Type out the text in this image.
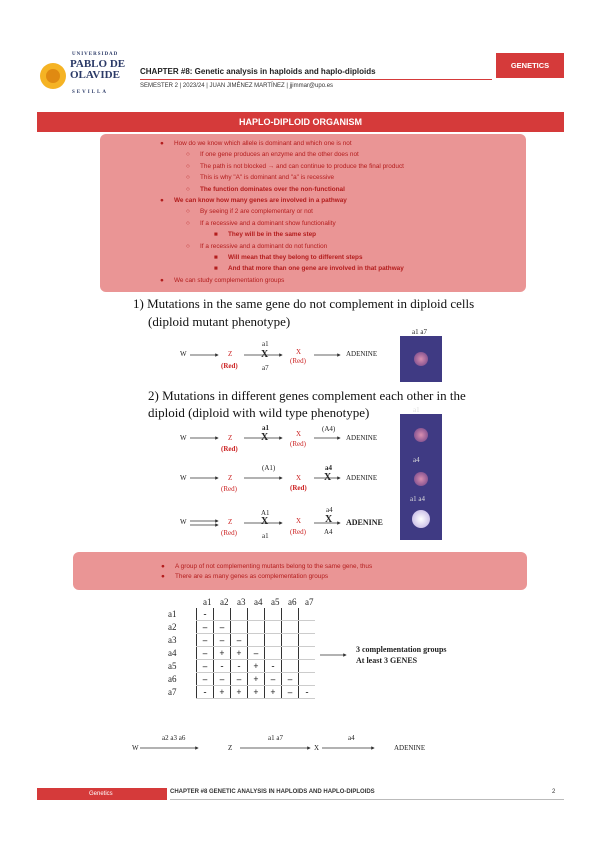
UNIVERSIDAD
PABLO DE OLAVIDE
SEVILLA
CHAPTER #8: Genetic analysis in haploids and haplo-diploids
SEMESTER 2 | 2023/24 | JUAN JIMÉNEZ MARTÍNEZ | jjimmar@upo.es
GENETICS
HAPLO-DIPLOID ORGANISM
● How do we know which allele is dominant and which one is not
○ If one gene produces an enzyme and the other does not
○ The path is not blocked → and can continue to produce the final product
○ This is why "A" is dominant and "a" is recessive
○ The function dominates over the non-functional
● We can know how many genes are involved in a pathway
○ By seeing if 2 are complementary or not
○ If a recessive and a dominant show functionality
■ They will be in the same step
○ If a recessive and a dominant do not function
■ Will mean that they belong to different steps
■ And that more than one gene are involved in that pathway
● We can study complementation groups
1) Mutations in the same gene do not complement in diploid cells
(diploid mutant phenotype)
2) Mutations in different genes complement each other in the
diploid (diploid with wild type phenotype)
W	Z
(Red)
a1
X
a7
X
(Red)
ADENINE
W	Z
(Red)
a1
X	X
(Red)
(A4)
ADENINE
W	Z
(Red)
(A1)
X
(Red)
a4
X ADENINE
W	Z
(Red)
A1
X
a1
X
(Red)
a4
X
A4
ADENINE
a1 a7
a1
a4
a1 a4
● A group of not complementing mutants belong to the same gene, thus
● There are as many genes as complementation groups
a1 a2 a3 a4 a5 a6 a7
a1	-						
a2	–	–					
a3	–	–	–				
a4	–	+	+	–			
a5	–	-	-	+	-		
a6	–	–	–	+	–	–	
a7	-	+	+	+	+	–	-
3 complementation groups
At least 3 GENES
a2 a3 a6	a1 a7	a4
W	Z	X	ADENINE
Genetics	CHAPTER #8 GENETIC ANALYSIS IN HAPLOIDS AND HAPLO-DIPLOIDS	2
